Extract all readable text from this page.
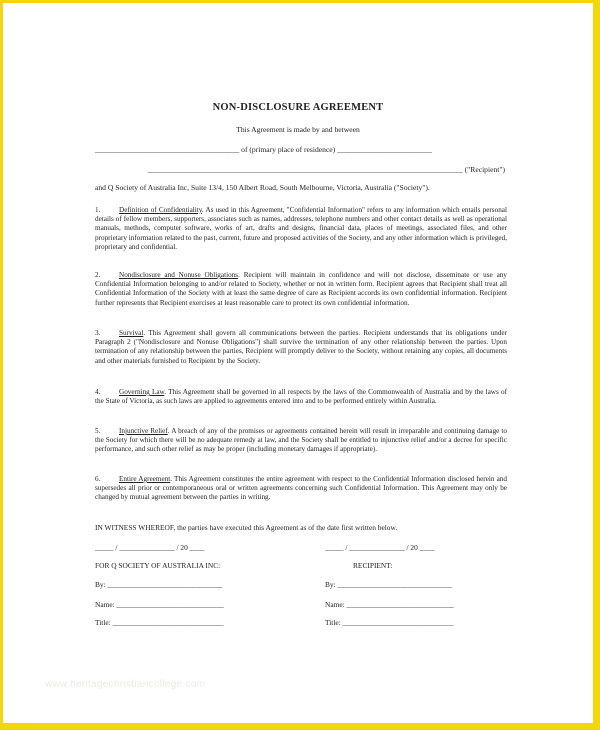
NON-DISCLOSURE AGREEMENT
This Agreement is made by and between
______________________________________ of (primary place of residence) _________________________
___________________________________________________________________________________ ("Recipient")
and Q Society of Australia Inc, Suite 13/4, 150 Albert Road, South Melbourne, Victoria, Australia ("Society").
1.	Definition of Confidentiality. As used in this Agreement, "Confidential Information" refers to any information which entails personal details of fellow members, supporters, associates such as names, addresses, telephone numbers and other contact details as well as operational manuals, methods, computer software, works of art, drafts and designs, financial data, places of meetings, associated files, and other proprietary information related to the past, current, future and proposed activities of the Society, and any other information which is privileged, proprietary and confidential.
2.	Nondisclosure and Nonuse Obligations. Recipient will maintain in confidence and will not disclose, disseminate or use any Confidential Information belonging to and/or related to Society, whether or not in written form. Recipient agrees that Recipient shall treat all Confidential Information of the Society with at least the same degree of care as Recipient accords its own confidential information. Recipient further represents that Recipient exercises at least reasonable care to protect its own confidential information.
3.	Survival. This Agreement shall govern all communications between the parties. Recipient understands that its obligations under Paragraph 2 ("Nondisclosure and Nonuse Obligations") shall survive the termination of any other relationship between the parties. Upon termination of any relationship between the parties, Recipient will promptly deliver to the Society, without retaining any copies, all documents and other materials furnished to Recipient by the Society.
4.	Governing Law. This Agreement shall be governed in all respects by the laws of the Commonwealth of Australia and by the laws of the State of Victoria, as such laws are applied to agreements entered into and to be performed entirely within Australia.
5.	Injunctive Relief. A breach of any of the promises or agreements contained herein will result in irreparable and continuing damage to the Society for which there will be no adequate remedy at law, and the Society shall be entitled to injunctive relief and/or a decree for specific performance, and such other relief as may be proper (including monetary damages if appropriate).
6.	Entire Agreement. This Agreement constitutes the entire agreement with respect to the Confidential Information disclosed herein and supersedes all prior or contemporaneous oral or written agreements concerning such Confidential Information. This Agreement may only be changed by mutual agreement between the parties in writing.
IN WITNESS WHEREOF, the parties have executed this Agreement as of the date first written below.
_____ / _______________ / 20 ____	_____ / _______________ / 20 ____
FOR Q SOCIETY OF AUSTRALIA INC:	RECIPIENT:
By: _______________________________	By: _______________________________
Name: _____________________________	Name: _____________________________
Title: ______________________________	Title: ______________________________
www.heritagechristiancollege.com
